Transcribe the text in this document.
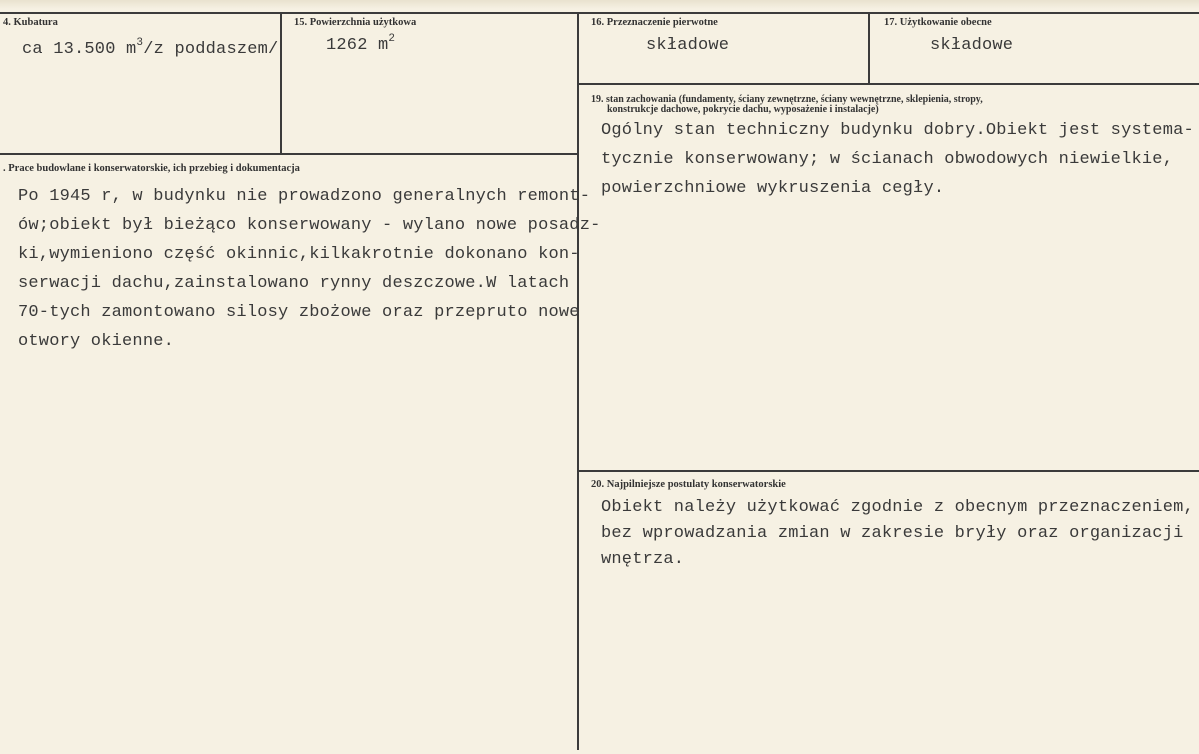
4. Kubatura
ca 13.500 $m^3/z$ poddaszem/
15. Powierzchnia użytkowa
1262 $m^2$
16. Przeznaczenie pierwotne
składowe
17. Użytkowanie obecne
składowe
. Prace budowlane i konserwatorskie, ich przebieg i dokumentacja
Po 1945 r, w budynku nie prowadzono generalnych remont-
ów;obiekt był bieżąco konserwowany - wylano nowe posadz-
ki,wymieniono część okinnic,kilkakrotnie dokonano kon-
serwacji dachu,zainstalowano rynny deszczowe.W latach
70-tych zamontowano silosy zbożowe oraz przepruto nowe
otwory okienne.
19. stan zachowania (fundamenty, ściany zewnętrzne, ściany wewnętrzne, sklepienia, stropy,
konstrukcje dachowe, pokrycie dachu, wyposażenie i instalacje)
Ogólny stan techniczny budynku dobry.Obiekt jest systema-
tycznie konserwowany; w ścianach obwodowych niewielkie,
powierzchniowe wykruszenia cegły.
20. Najpilniejsze postulaty konserwatorskie
Obiekt należy użytkować zgodnie z obecnym przeznaczeniem,
bez wprowadzania zmian w zakresie bryły oraz organizacji
wnętrza.
